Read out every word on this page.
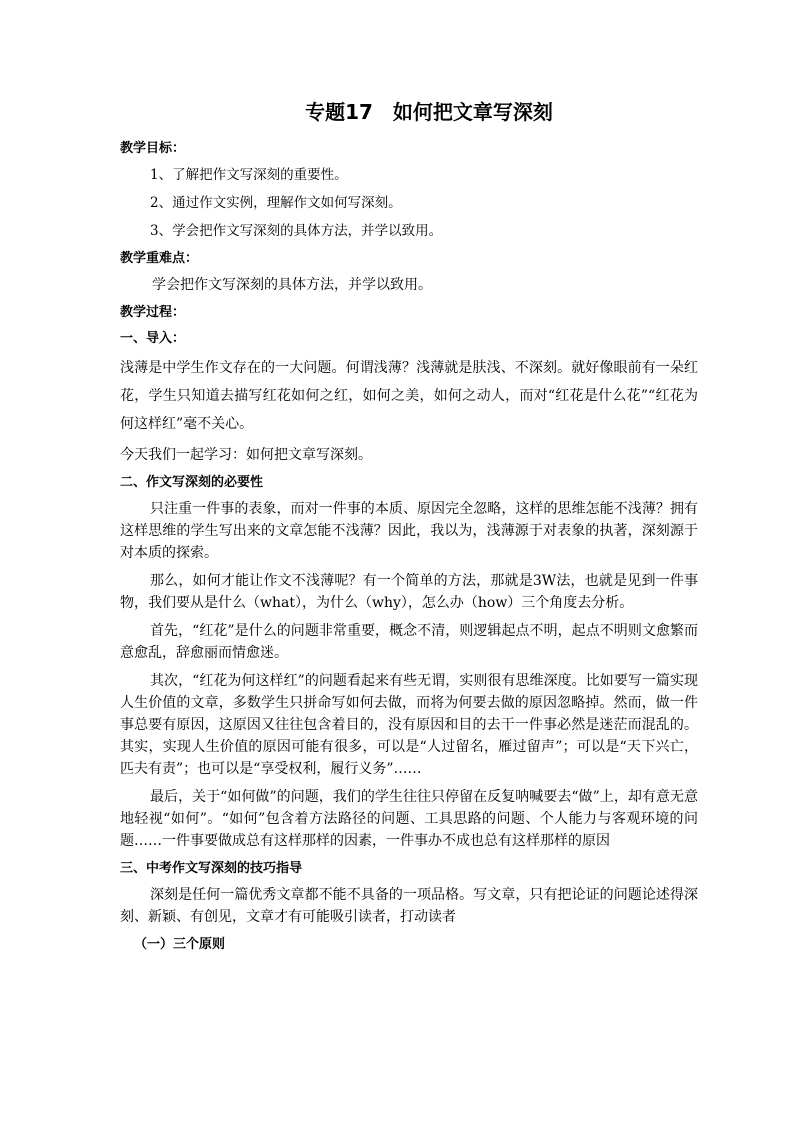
专题17　如何把文章写深刻
教学目标：
1、了解把作文写深刻的重要性。
2、通过作文实例，理解作文如何写深刻。
3、学会把作文写深刻的具体方法，并学以致用。
教学重难点：
学会把作文写深刻的具体方法，并学以致用。
教学过程：
一、导入：
浅薄是中学生作文存在的一大问题。何谓浅薄？浅薄就是肤浅、不深刻。就好像眼前有一朵红花，学生只知道去描写红花如何之红，如何之美，如何之动人，而对“红花是什么花”“红花为何这样红”毫不关心。
今天我们一起学习：如何把文章写深刻。
二、作文写深刻的必要性
只注重一件事的表象，而对一件事的本质、原因完全忽略，这样的思维怎能不浅薄？拥有这样思维的学生写出来的文章怎能不浅薄？因此，我以为，浅薄源于对表象的执著，深刻源于对本质的探索。
那么，如何才能让作文不浅薄呢？有一个简单的方法，那就是3W法，也就是见到一件事物，我们要从是什么（what），为什么（why），怎么办（how）三个角度去分析。
首先，“红花”是什么的问题非常重要，概念不清，则逻辑起点不明，起点不明则文愈繁而意愈乱，辞愈丽而情愈迷。
其次，“红花为何这样红”的问题看起来有些无谓，实则很有思维深度。比如要写一篇实现人生价值的文章，多数学生只拼命写如何去做，而将为何要去做的原因忽略掉。然而，做一件事总要有原因，这原因又往往包含着目的，没有原因和目的去干一件事必然是迷茫而混乱的。其实，实现人生价值的原因可能有很多，可以是“人过留名，雁过留声”；可以是“天下兴亡，匹夫有责”；也可以是“享受权利，履行义务”……
最后，关于“如何做”的问题，我们的学生往往只停留在反复呐喊要去“做”上，却有意无意地轻视“如何”。“如何”包含着方法路径的问题、工具思路的问题、个人能力与客观环境的问题……一件事要做成总有这样那样的因素，一件事办不成也总有这样那样的原因
三、中考作文写深刻的技巧指导
深刻是任何一篇优秀文章都不能不具备的一项品格。写文章，只有把论证的问题论述得深刻、新颖、有创见，文章才有可能吸引读者，打动读者
（一）三个原则
